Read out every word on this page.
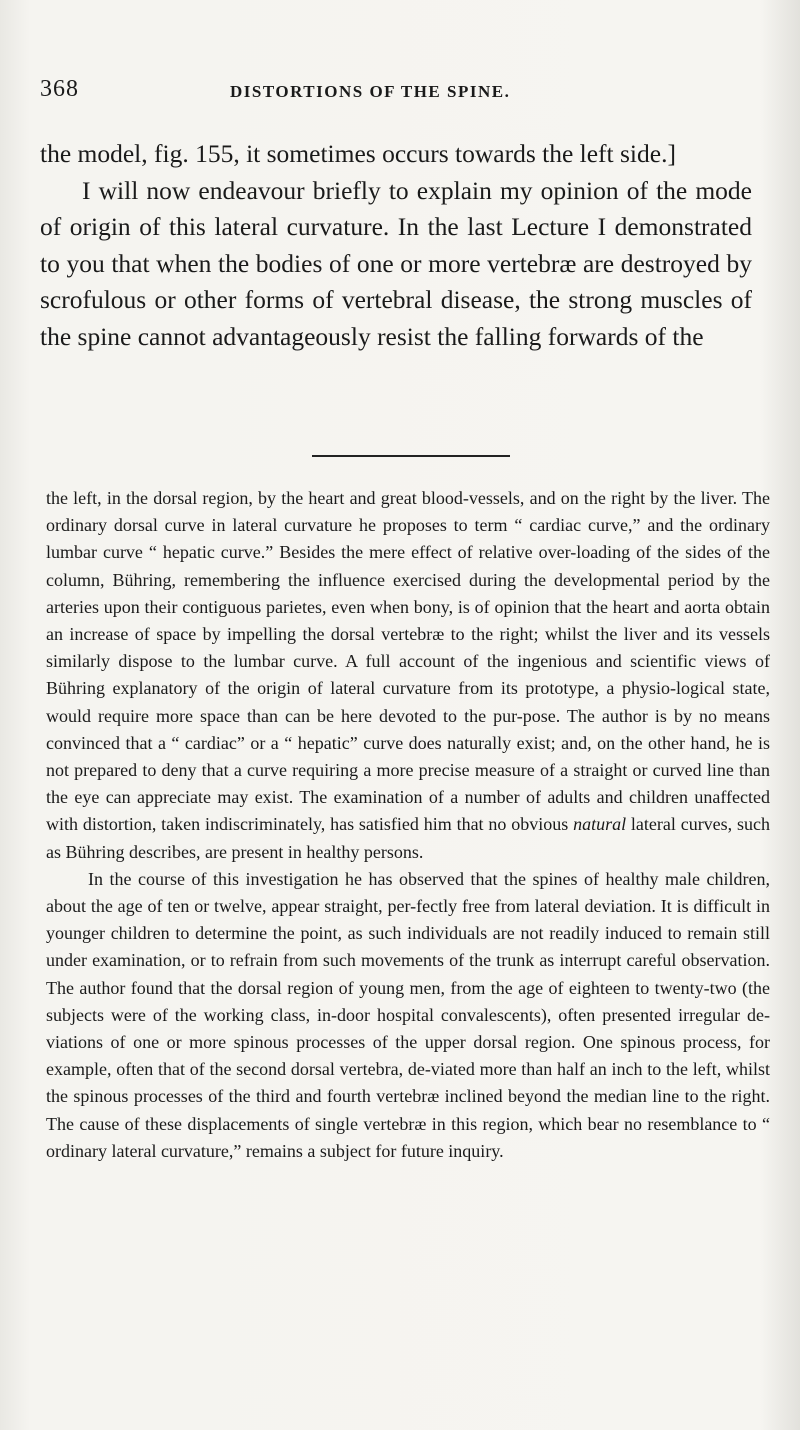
368	DISTORTIONS OF THE SPINE.

the model, fig. 155, it sometimes occurs towards the left side.]

I will now endeavour briefly to explain my opinion of the mode of origin of this lateral curvature. In the last Lecture I demonstrated to you that when the bodies of one or more vertebræ are destroyed by scrofulous or other forms of vertebral disease, the strong muscles of the spine cannot advantageously resist the falling forwards of the

the left, in the dorsal region, by the heart and great blood-vessels, and on the right by the liver. The ordinary dorsal curve in lateral curvature he proposes to term “ cardiac curve,” and the ordinary lumbar curve “ hepatic curve.” Besides the mere effect of relative over-loading of the sides of the column, Bühring, remembering the influence exercised during the developmental period by the arteries upon their contiguous parietes, even when bony, is of opinion that the heart and aorta obtain an increase of space by impelling the dorsal vertebræ to the right; whilst the liver and its vessels similarly dispose to the lumbar curve. A full account of the ingenious and scientific views of Bühring explanatory of the origin of lateral curvature from its prototype, a physio-logical state, would require more space than can be here devoted to the pur-pose. The author is by no means convinced that a “ cardiac” or a “ hepatic” curve does naturally exist; and, on the other hand, he is not prepared to deny that a curve requiring a more precise measure of a straight or curved line than the eye can appreciate may exist. The examination of a number of adults and children unaffected with distortion, taken indiscriminately, has satisfied him that no obvious natural lateral curves, such as Bühring describes, are present in healthy persons.

In the course of this investigation he has observed that the spines of healthy male children, about the age of ten or twelve, appear straight, per-fectly free from lateral deviation. It is difficult in younger children to determine the point, as such individuals are not readily induced to remain still under examination, or to refrain from such movements of the trunk as interrupt careful observation. The author found that the dorsal region of young men, from the age of eighteen to twenty-two (the subjects were of the working class, in-door hospital convalescents), often presented irregular de-viations of one or more spinous processes of the upper dorsal region. One spinous process, for example, often that of the second dorsal vertebra, de-viated more than half an inch to the left, whilst the spinous processes of the third and fourth vertebræ inclined beyond the median line to the right. The cause of these displacements of single vertebræ in this region, which bear no resemblance to “ ordinary lateral curvature,” remains a subject for future inquiry.
